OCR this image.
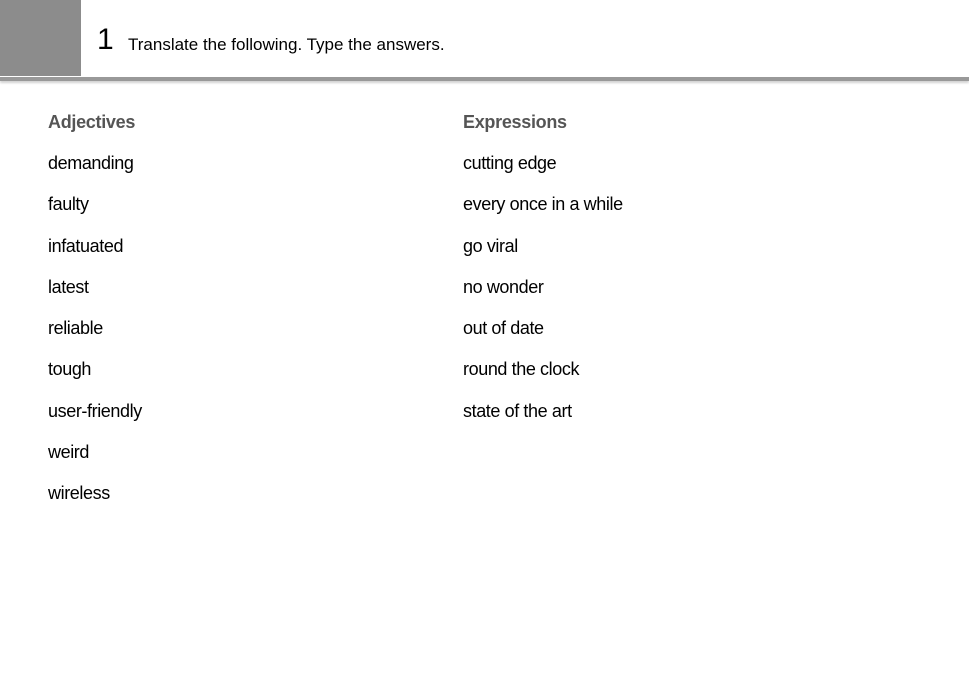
1 Translate the following. Type the answers.
Adjectives
demanding
faulty
infatuated
latest
reliable
tough
user-friendly
weird
wireless
Expressions
cutting edge
every once in a while
go viral
no wonder
out of date
round the clock
state of the art
